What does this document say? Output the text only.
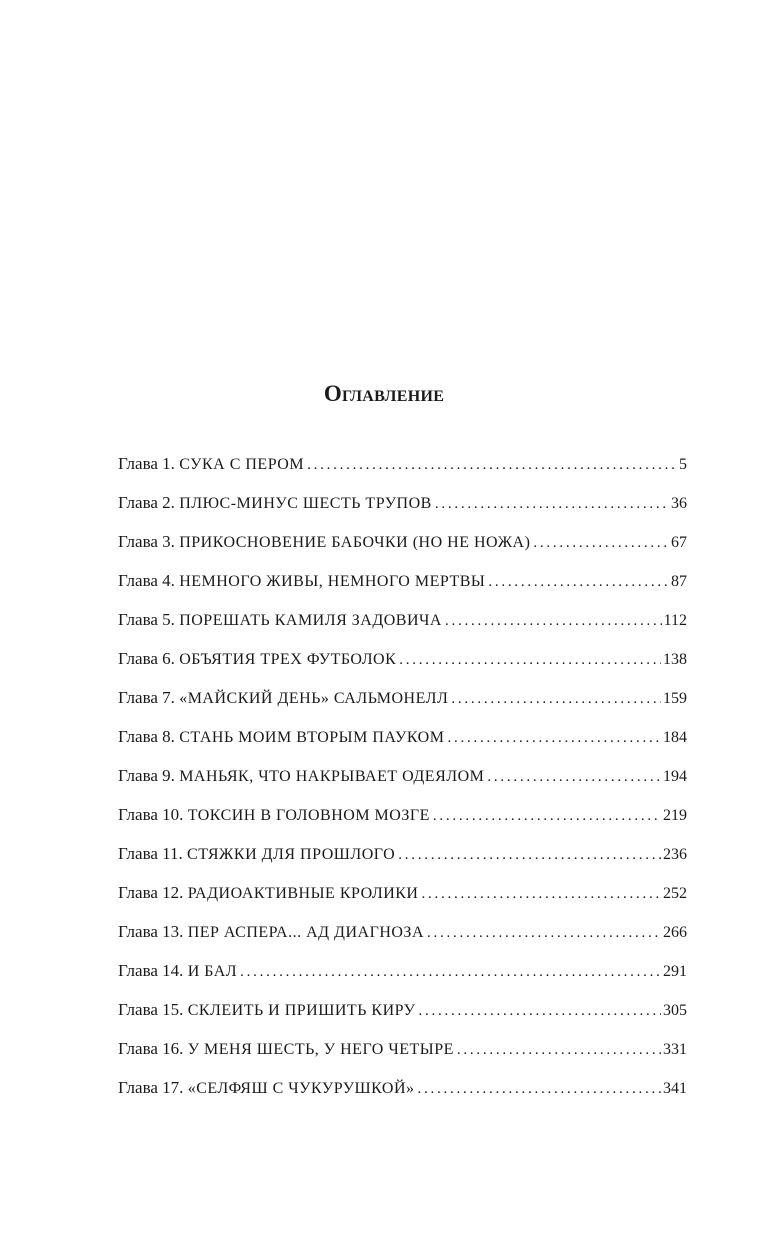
Оглавление
Глава 1. СУКА С ПЕРОМ . . .	5
Глава 2. ПЛЮС-МИНУС ШЕСТЬ ТРУПОВ . . .	36
Глава 3. ПРИКОСНОВЕНИЕ БАБОЧКИ (НО НЕ НОЖА) . . .	67
Глава 4. НЕМНОГО ЖИВЫ, НЕМНОГО МЕРТВЫ . . .	87
Глава 5. ПОРЕШАТЬ КАМИЛЯ ЗАДОВИЧА . . .	112
Глава 6. ОБЪЯТИЯ ТРЕХ ФУТБОЛОК . . .	138
Глава 7. «МАЙСКИЙ ДЕНЬ» САЛЬМОНЕЛЛ . . .	159
Глава 8. СТАНЬ МОИМ ВТОРЫМ ПАУКОМ . . .	184
Глава 9. МАНЬЯК, ЧТО НАКРЫВАЕТ ОДЕЯЛОМ . . .	194
Глава 10. ТОКСИН В ГОЛОВНОМ МОЗГЕ . . .	219
Глава 11. СТЯЖКИ ДЛЯ ПРОШЛОГО . . .	236
Глава 12. РАДИОАКТИВНЫЕ КРОЛИКИ . . .	252
Глава 13. ПЕР АСПЕРА... АД ДИАГНОЗА . . .	266
Глава 14. И БАЛ . . .	291
Глава 15. СКЛЕИТЬ И ПРИШИТЬ КИРУ . . .	305
Глава 16. У МЕНЯ ШЕСТЬ, У НЕГО ЧЕТЫРЕ . . .	331
Глава 17. «СЕЛФЯШ С ЧУКУРУШКОЙ» . . .	341
